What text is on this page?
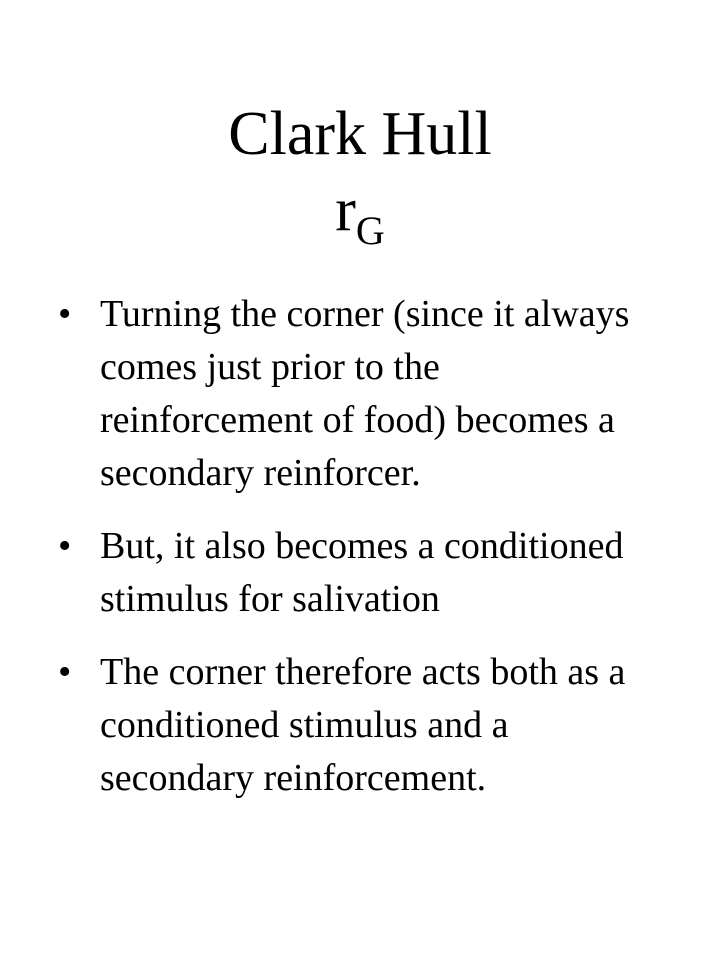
Clark Hull
$r_G$
• Turning the corner (since it always comes just prior to the reinforcement of food) becomes a secondary reinforcer.
• But, it also becomes a conditioned stimulus for salivation
• The corner therefore acts both as a conditioned stimulus and a secondary reinforcement.
